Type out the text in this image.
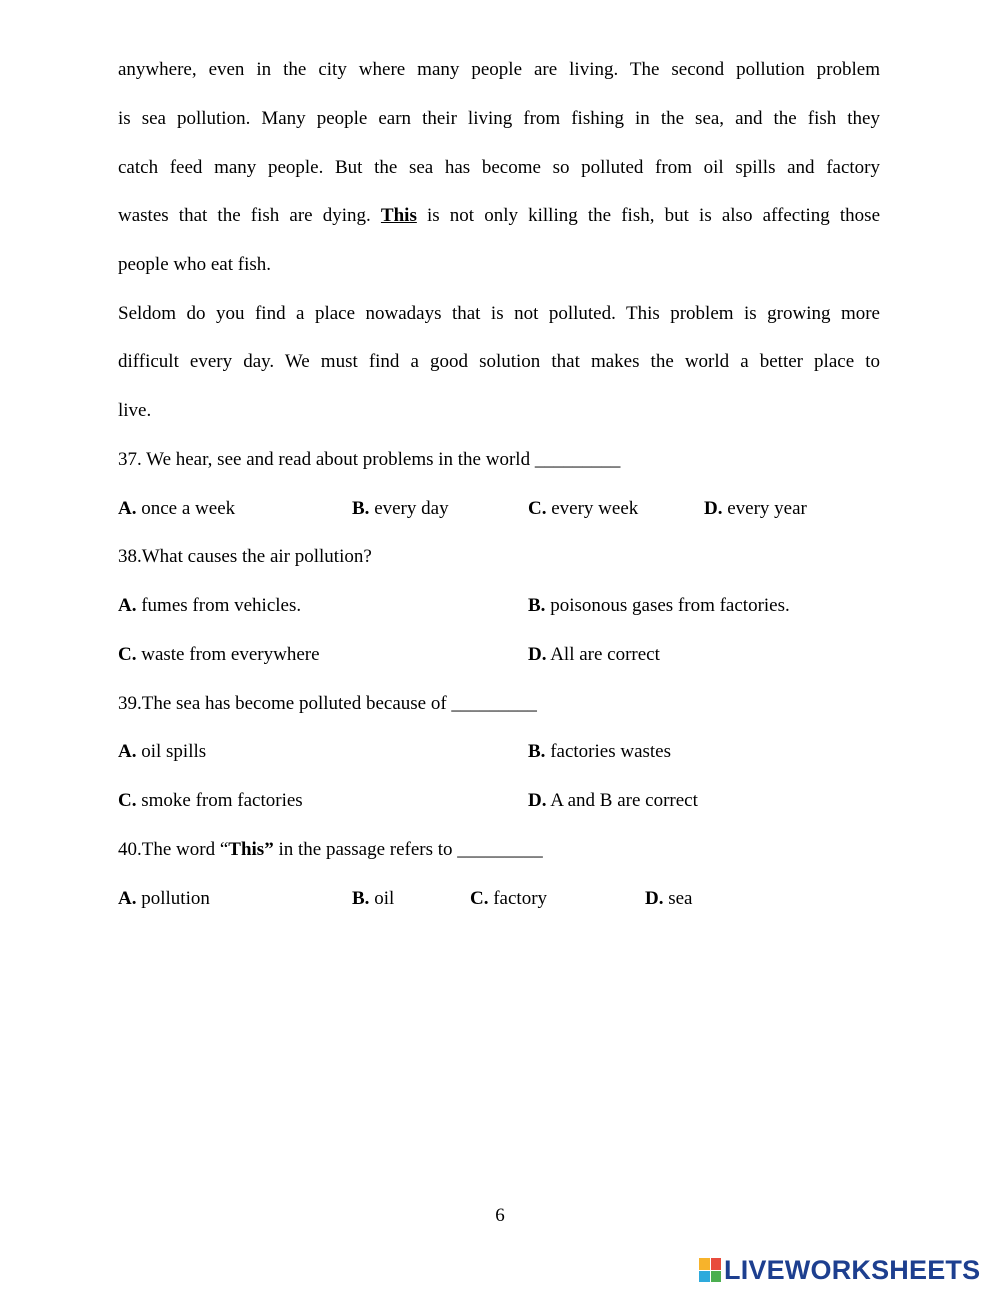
anywhere, even in the city where many people are living. The second pollution problem
is sea pollution. Many people earn their living from fishing in the sea, and the fish they
catch feed many people. But the sea has become so polluted from oil spills and factory
wastes that the fish are dying. This is not only killing the fish, but is also affecting those
people who eat fish.
Seldom do you find a place nowadays that is not polluted. This problem is growing more
difficult every day. We must find a good solution that makes the world a better place to
live.
37. We hear, see and read about problems in the world _________
A. once a week	B. every day	C. every week	D. every year
38.What causes the air pollution?
A. fumes from vehicles.	B. poisonous gases from factories.
C. waste from everywhere	D. All are correct
39.The sea has become polluted because of _________
A. oil spills	B. factories wastes
C. smoke from factories	D. A and B are correct
40.The word “This” in the passage refers to _________
A. pollution	B. oil	C. factory	D. sea
6
LIVEWORKSHEETS
